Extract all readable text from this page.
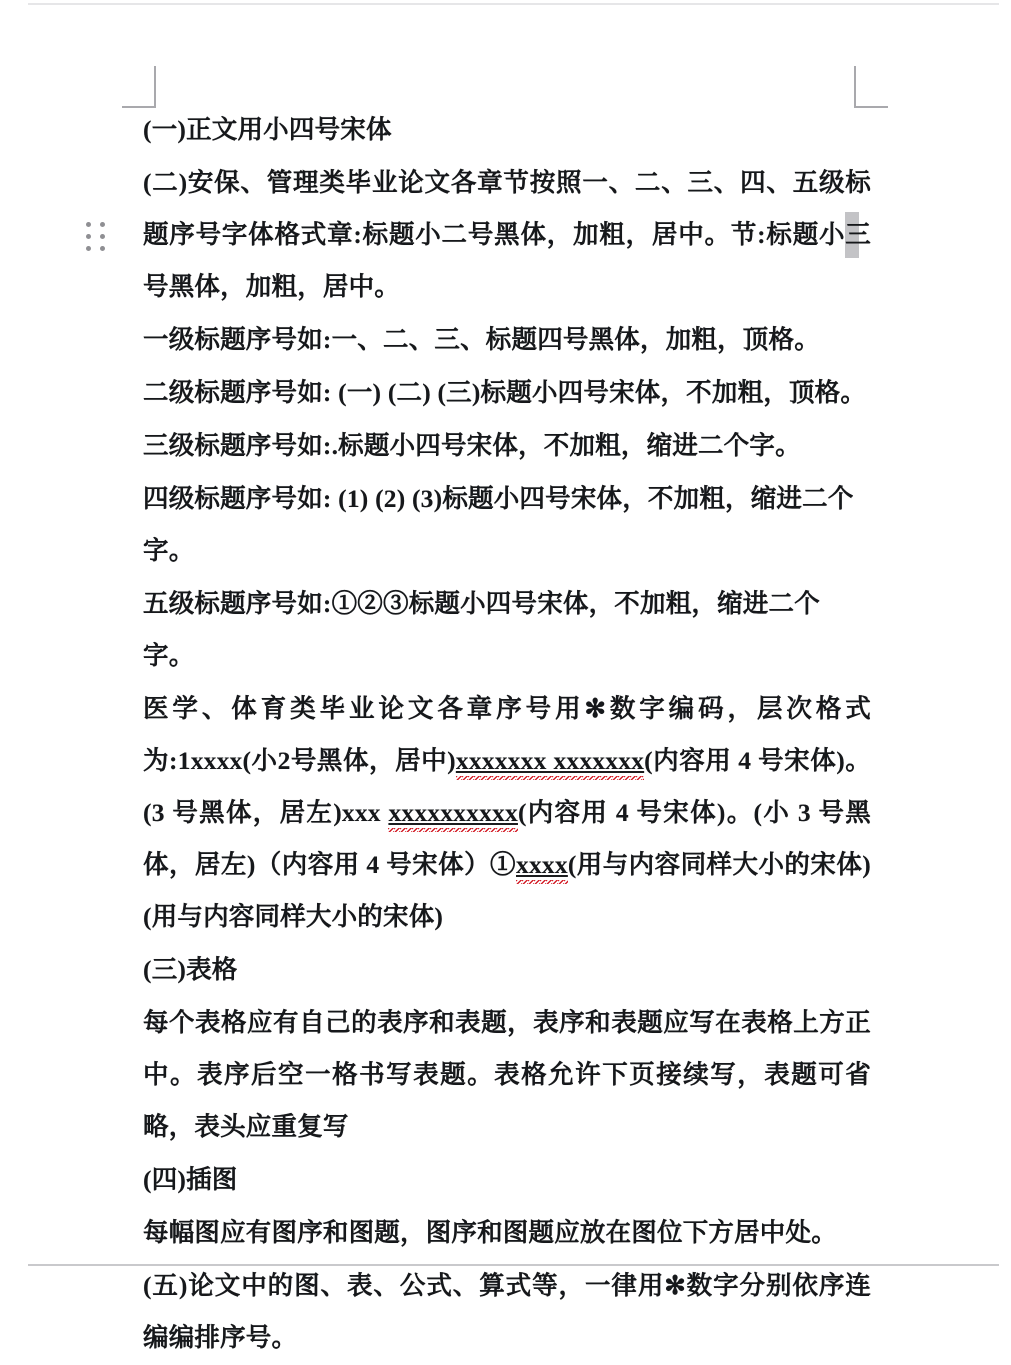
(一)正文用小四号宋体

(二)安保、管理类毕业论文各章节按照一、二、三、四、五级标题序号字体格式章:标题小二号黑体，加粗，居中。节:标题小三号黑体，加粗，居中。

一级标题序号如:一、二、三、标题四号黑体，加粗，顶格。

二级标题序号如: (一) (二) (三)标题小四号宋体，不加粗，顶格。

三级标题序号如:.标题小四号宋体，不加粗，缩进二个字。

四级标题序号如: (1) (2) (3)标题小四号宋体，不加粗，缩进二个字。

五级标题序号如:①②③标题小四号宋体，不加粗，缩进二个字。

医学、体育类毕业论文各章序号用✻数字编码，层次格式为:1xxxx(小2号黑体，居中)xxxxxxx xxxxxxx(内容用 4 号宋体)。(3 号黑体，居左)xxx xxxxxxxxxx(内容用 4 号宋体)。(小 3 号黑体，居左)（内容用 4 号宋体）①xxxx(用与内容同样大小的宋体)(用与内容同样大小的宋体)

(三)表格

每个表格应有自己的表序和表题，表序和表题应写在表格上方正中。表序后空一格书写表题。表格允许下页接续写，表题可省略，表头应重复写

(四)插图

每幅图应有图序和图题，图序和图题应放在图位下方居中处。

(五)论文中的图、表、公式、算式等，一律用✻数字分别依序连编编排序号。
